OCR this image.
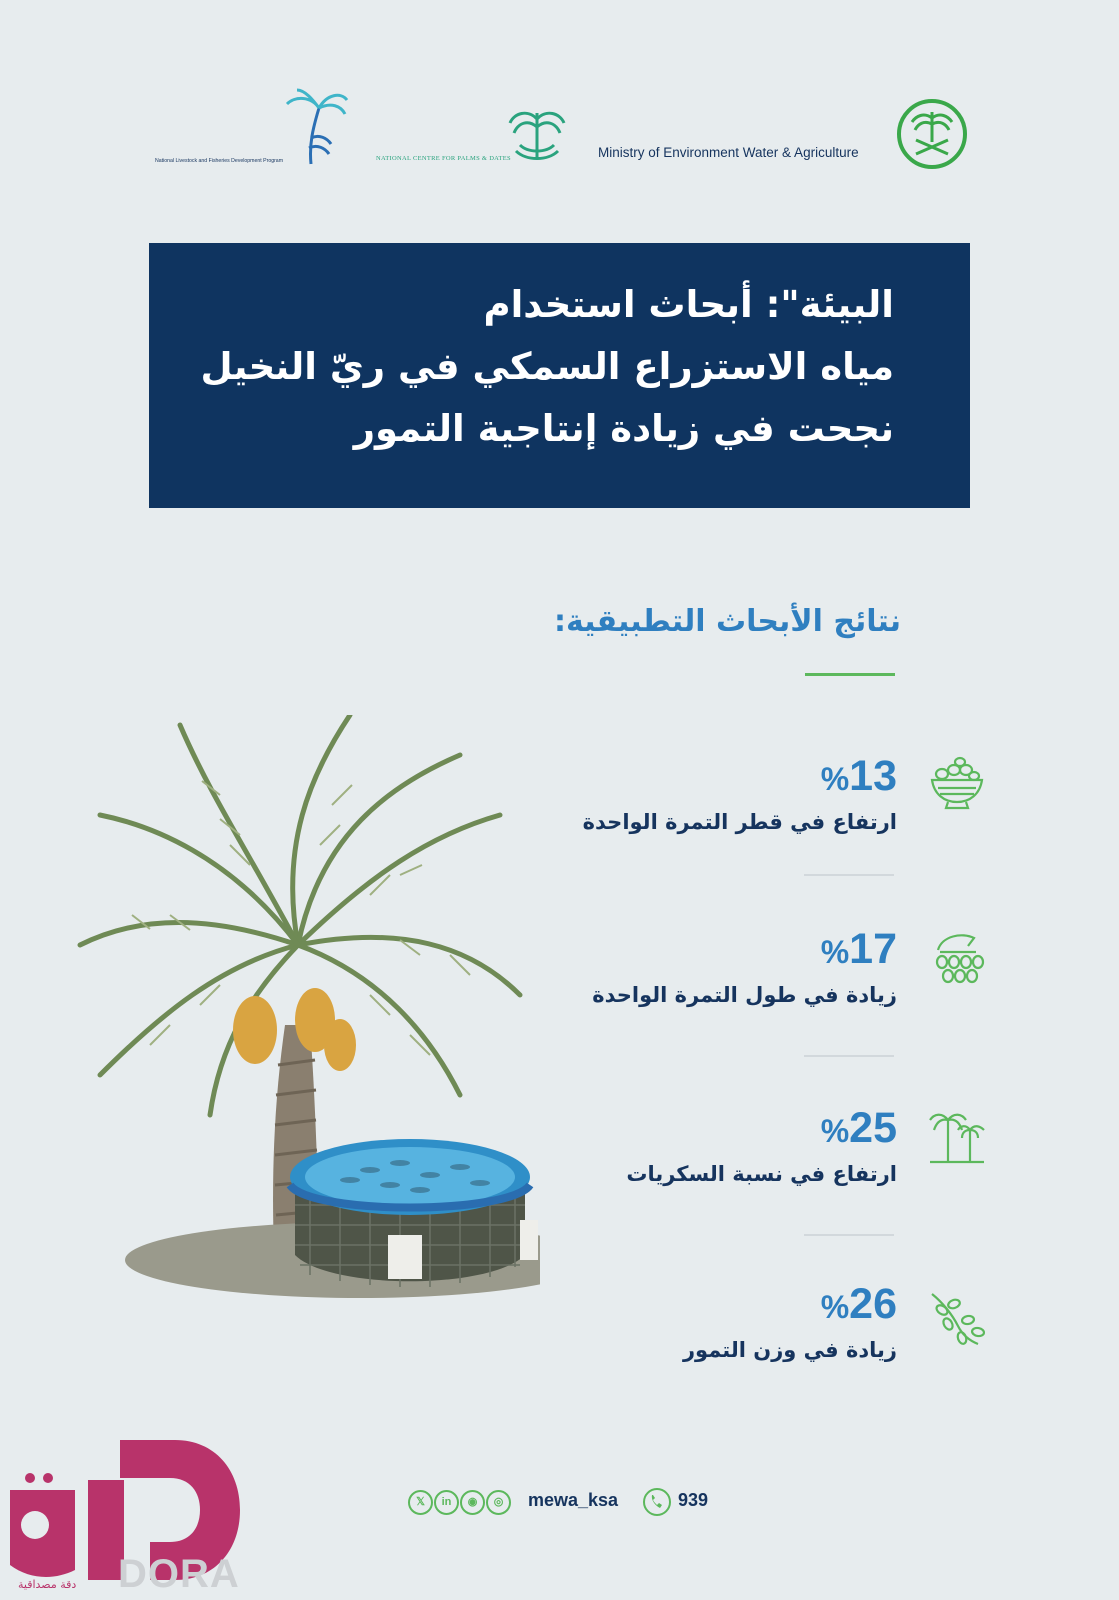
Ministry of Environment Water & Agriculture
NATIONAL CENTRE FOR PALMS & DATES
National Livestock and Fisheries Development Program
البيئة": أبحاث استخدام
مياه الاستزراع السمكي في ريّ النخيل
نجحت في زيادة إنتاجية التمور
نتائج الأبحاث التطبيقية:
%13
ارتفاع في قطر التمرة الواحدة
%17
زيادة في طول التمرة الواحدة
%25
ارتفاع في نسبة السكريات
%26
زيادة في وزن التمور
𝕏	in	◉	◎	mewa_ksa	939
DORA
دقة مصداقية
